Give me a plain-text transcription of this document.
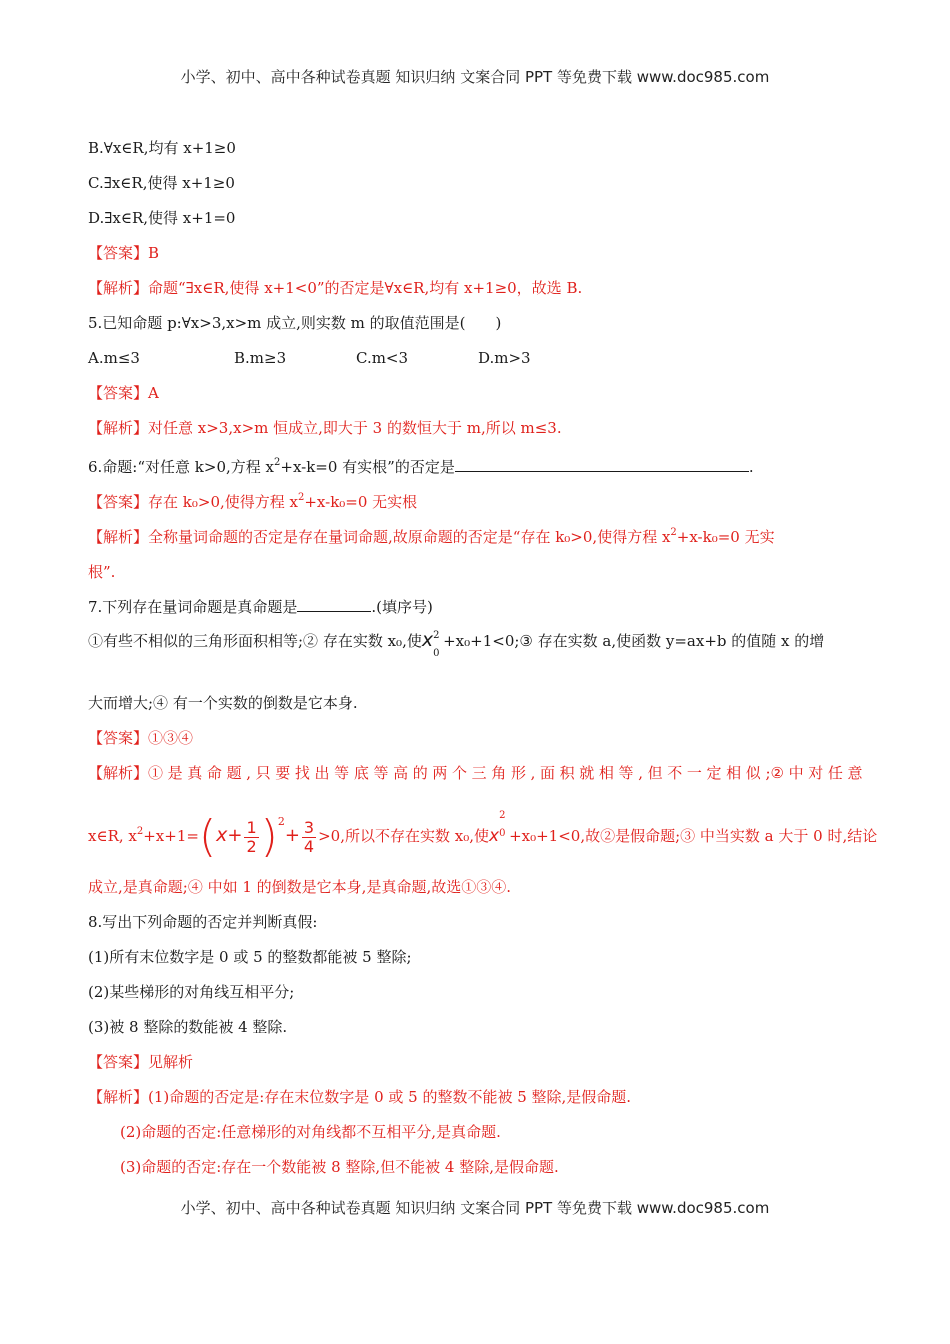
小学、初中、高中各种试卷真题 知识归纳 文案合同 PPT 等免费下载 www.doc985.com
B.∀x∈R,均有 x+1≥0
C.∃x∈R,使得 x+1≥0
D.∃x∈R,使得 x+1=0
【答案】B
【解析】命题“∃x∈R,使得 x+1<0”的否定是∀x∈R,均有 x+1≥0，故选 B.
5.已知命题 p:∀x>3,x>m 成立,则实数 m 的取值范围是(　　)
A.m≤3	B.m≥3	C.m<3	D.m>3
【答案】A
【解析】对任意 x>3,x>m 恒成立,即大于 3 的数恒大于 m,所以 m≤3.
6.命题:“对任意 k>0,方程 $x^2+x-k=0$ 有实根”的否定是	.
【答案】存在 k₀>0,使得方程 $x^2+x-k_0=0$ 无实根
【解析】全称量词命题的否定是存在量词命题,故原命题的否定是“存在 k₀>0,使得方程 $x^2+x-k_0=0$ 无实
根”.
7.下列存在量词命题是真命题是	.(填序号)
①有些不相似的三角形面积相等;② 存在实数 x₀,使x 2
0
+x₀+1<0;③ 存在实数 a,使函数 y=ax+b 的值随 x 的增
大而增大;④ 有一个实数的倒数是它本身.
【答案】①③④
【解析】① 是 真 命 题 , 只 要 找 出 等 底 等 高 的 两 个 三 角 形 , 面 积 就 相 等 , 但 不 一 定 相 似 ;② 中 对 任 意
x∈R, $x^2+x+1=(x+ \frac{1}{2} )^2+ \frac{3}{4} >0$,所以不存在实数 x₀,使x
2
0 +x₀+1<0,故②是假命题;③ 中当实数 a 大于 0 时,结论
成立,是真命题;④ 中如 1 的倒数是它本身,是真命题,故选①③④.
8.写出下列命题的否定并判断真假:
(1)所有末位数字是 0 或 5 的整数都能被 5 整除;
(2)某些梯形的对角线互相平分;
(3)被 8 整除的数能被 4 整除.
【答案】见解析
【解析】(1)命题的否定是:存在末位数字是 0 或 5 的整数不能被 5 整除,是假命题.
(2)命题的否定:任意梯形的对角线都不互相平分,是真命题.
(3)命题的否定:存在一个数能被 8 整除,但不能被 4 整除,是假命题.
小学、初中、高中各种试卷真题 知识归纳 文案合同 PPT 等免费下载 www.doc985.com
